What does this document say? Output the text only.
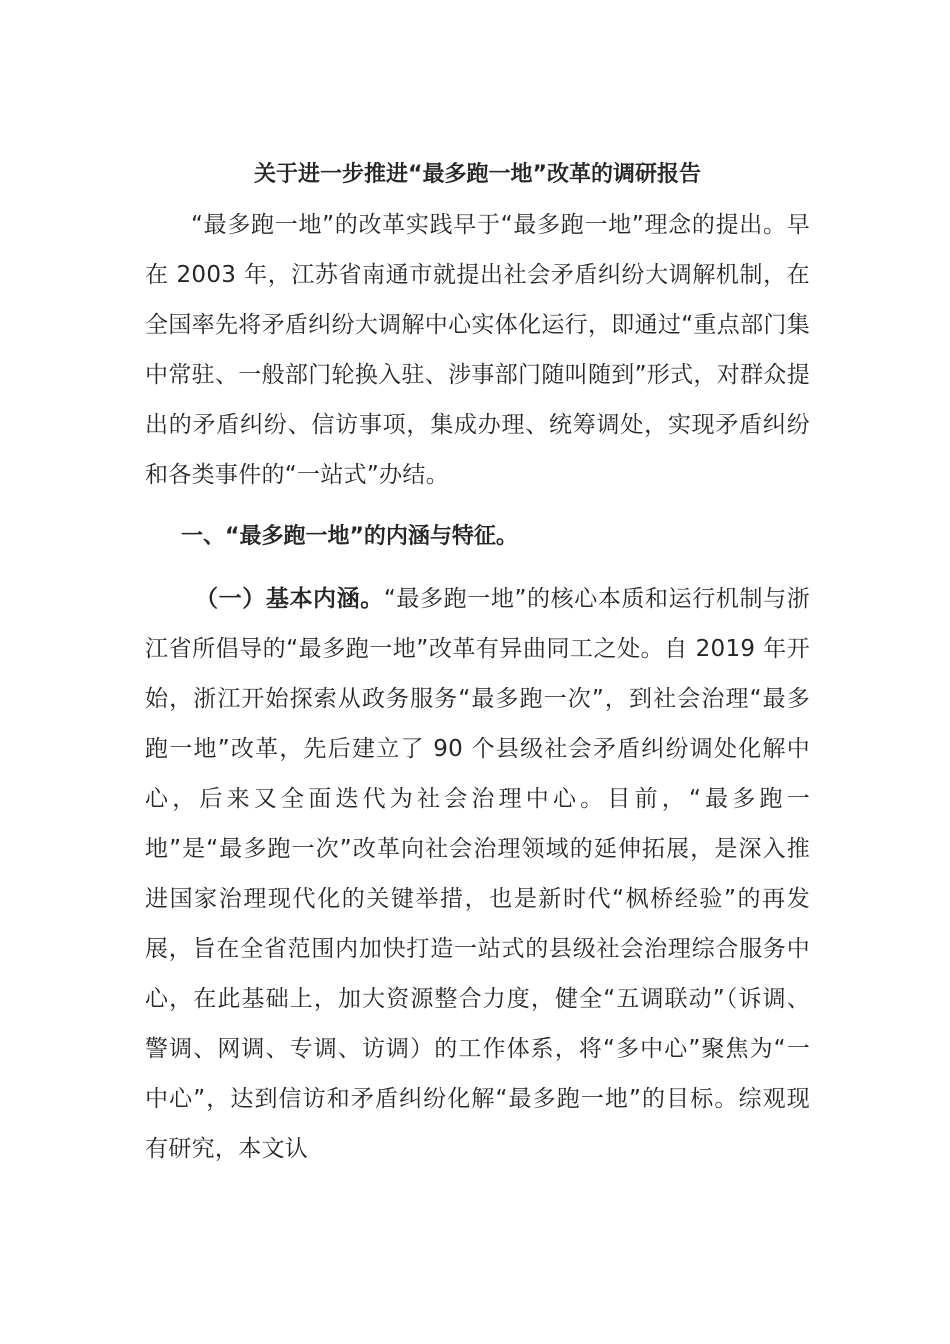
关于进一步推进“最多跑一地”改革的调研报告

“最多跑一地”的改革实践早于“最多跑一地”理念的提出。早在 2003 年，江苏省南通市就提出社会矛盾纠纷大调解机制，在全国率先将矛盾纠纷大调解中心实体化运行，即通过“重点部门集中常驻、一般部门轮换入驻、涉事部门随叫随到”形式，对群众提出的矛盾纠纷、信访事项，集成办理、统筹调处，实现矛盾纠纷和各类事件的“一站式”办结。

一、“最多跑一地”的内涵与特征。

（一）基本内涵。“最多跑一地”的核心本质和运行机制与浙江省所倡导的“最多跑一地”改革有异曲同工之处。自 2019 年开始，浙江开始探索从政务服务“最多跑一次”，到社会治理“最多跑一地”改革，先后建立了 90 个县级社会矛盾纠纷调处化解中心，后来又全面迭代为社会治理中心。目前，“最多跑一地”是“最多跑一次”改革向社会治理领域的延伸拓展，是深入推进国家治理现代化的关键举措，也是新时代“枫桥经验”的再发展，旨在全省范围内加快打造一站式的县级社会治理综合服务中心，在此基础上，加大资源整合力度，健全“五调联动”（诉调、警调、网调、专调、访调）的工作体系，将“多中心”聚焦为“一中心”，达到信访和矛盾纠纷化解“最多跑一地”的目标。综观现有研究，本文认
